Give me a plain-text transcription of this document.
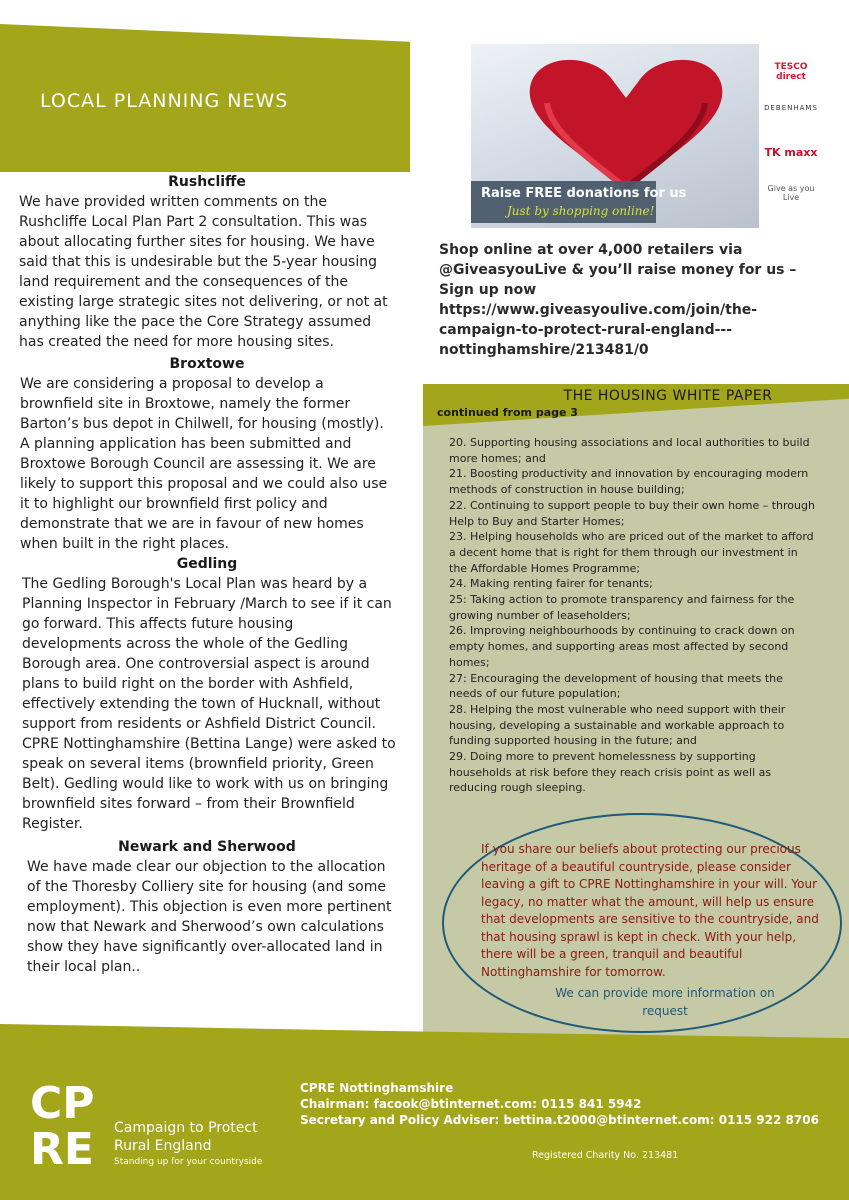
LOCAL PLANNING NEWS
Rushcliffe
We have provided written comments on the Rushcliffe Local Plan Part 2 consultation. This was about allocating further sites for housing. We have said that this is undesirable but the 5-year housing land requirement and the consequences of the existing large strategic sites not delivering, or not at anything like the pace the Core Strategy assumed has created the need for more housing sites.
Broxtowe
We are considering a proposal to develop a brownfield site in Broxtowe, namely the former Barton’s bus depot in Chilwell, for housing (mostly). A planning application has been submitted and Broxtowe Borough Council are assessing it. We are likely to support this proposal and we could also use it to highlight our brownfield first policy and demonstrate that we are in favour of new homes when built in the right places.
Gedling
The Gedling Borough's Local Plan was heard by a Planning Inspector in February /March to see if it can go forward. This affects future housing developments across the whole of the Gedling Borough area. One controversial aspect is around plans to build right on the border with Ashfield, effectively extending the town of Hucknall, without support from residents or Ashfield District Council. CPRE Nottinghamshire (Bettina Lange) were asked to speak on several items (brownfield priority, Green Belt). Gedling would like to work with us on bringing brownfield sites forward – from their Brownfield Register.
Newark and Sherwood
We have made clear our objection to the allocation of the Thoresby Colliery site for housing (and some employment). This objection is even more pertinent now that Newark and Sherwood’s own calculations show they have significantly over-allocated land in their local plan..
TESCO direct
DEBENHAMS
TK maxx
Give as you Live
Raise FREE donations for us
Just by shopping online!
Shop online at over 4,000 retailers via @GiveasyouLive & you’ll raise money for us – Sign up now https://www.giveasyoulive.com/join/the-campaign-to-protect-rural-england---nottinghamshire/213481/0
THE HOUSING WHITE PAPER
continued from page 3
20. Supporting housing associations and local authorities to build more homes; and
21. Boosting productivity and innovation by encouraging modern methods of construction in house building;
22. Continuing to support people to buy their own home – through Help to Buy and Starter Homes;
23. Helping households who are priced out of the market to afford a decent home that is right for them through our investment in the Affordable Homes Programme;
24. Making renting fairer for tenants;
25: Taking action to promote transparency and fairness for the growing number of leaseholders;
26. Improving neighbourhoods by continuing to crack down on empty homes, and supporting areas most affected by second homes;
27: Encouraging the development of housing that meets the needs of our future population;
28. Helping the most vulnerable who need support with their housing, developing a sustainable and workable approach to funding supported housing in the future; and
29. Doing more to prevent homelessness by supporting households at risk before they reach crisis point as well as reducing rough sleeping.
If you share our beliefs about protecting our precious heritage of a beautiful countryside, please consider leaving a gift to CPRE Nottinghamshire in your will. Your legacy, no matter what the amount, will help us ensure that developments are sensitive to the countryside, and that housing sprawl is kept in check. With your help, there will be a green, tranquil and beautiful Nottinghamshire for tomorrow.
We can provide more information on request
CP
RE Campaign to Protect
Rural England
Standing up for your countryside
CPRE Nottinghamshire
Chairman: facook@btinternet.com: 0115 841 5942
Secretary and Policy Adviser: bettina.t2000@btinternet.com: 0115 922 8706
Registered Charity No. 213481
